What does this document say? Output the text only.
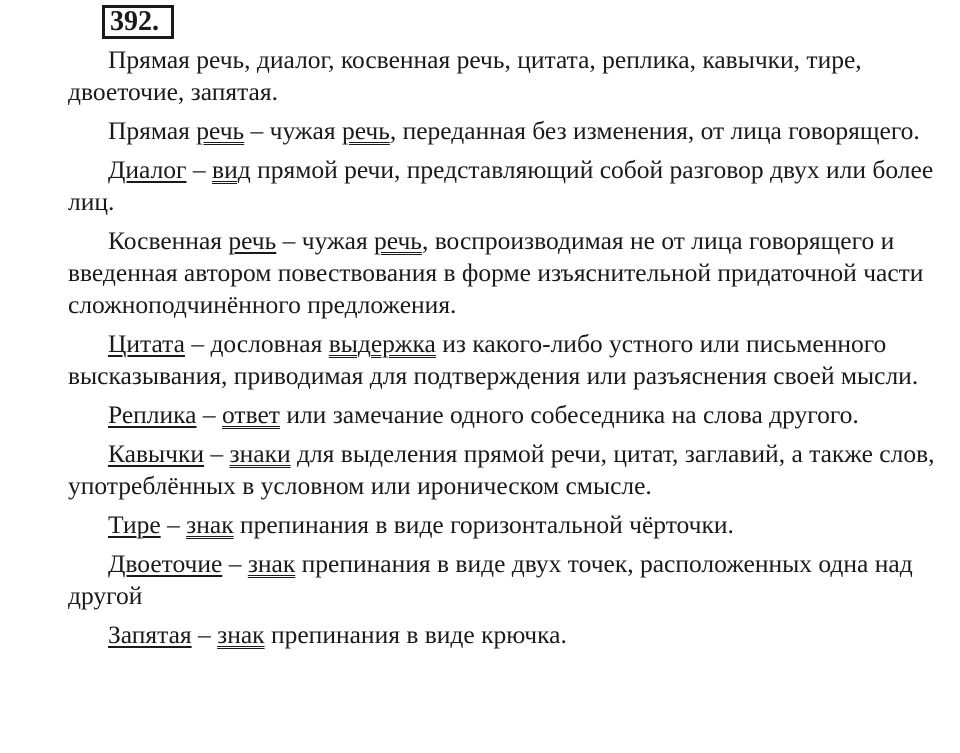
392.

Прямая речь, диалог, косвенная речь, цитата, реплика, кавычки, тире, двоеточие, запятая.

Прямая речь – чужая речь, переданная без изменения, от лица говорящего.

Диалог – вид прямой речи, представляющий собой разговор двух или более лиц.

Косвенная речь – чужая речь, воспроизводимая не от лица говорящего и введенная автором повествования в форме изъяснительной придаточной части сложноподчинённого предложения.

Цитата – дословная выдержка из какого-либо устного или письменного высказывания, приводимая для подтверждения или разъяснения своей мысли.

Реплика – ответ или замечание одного собеседника на слова другого.

Кавычки – знаки для выделения прямой речи, цитат, заглавий, а также слов, употреблённых в условном или ироническом смысле.

Тире – знак препинания в виде горизонтальной чёрточки.

Двоеточие – знак препинания в виде двух точек, расположенных одна над другой

Запятая – знак препинания в виде крючка.
